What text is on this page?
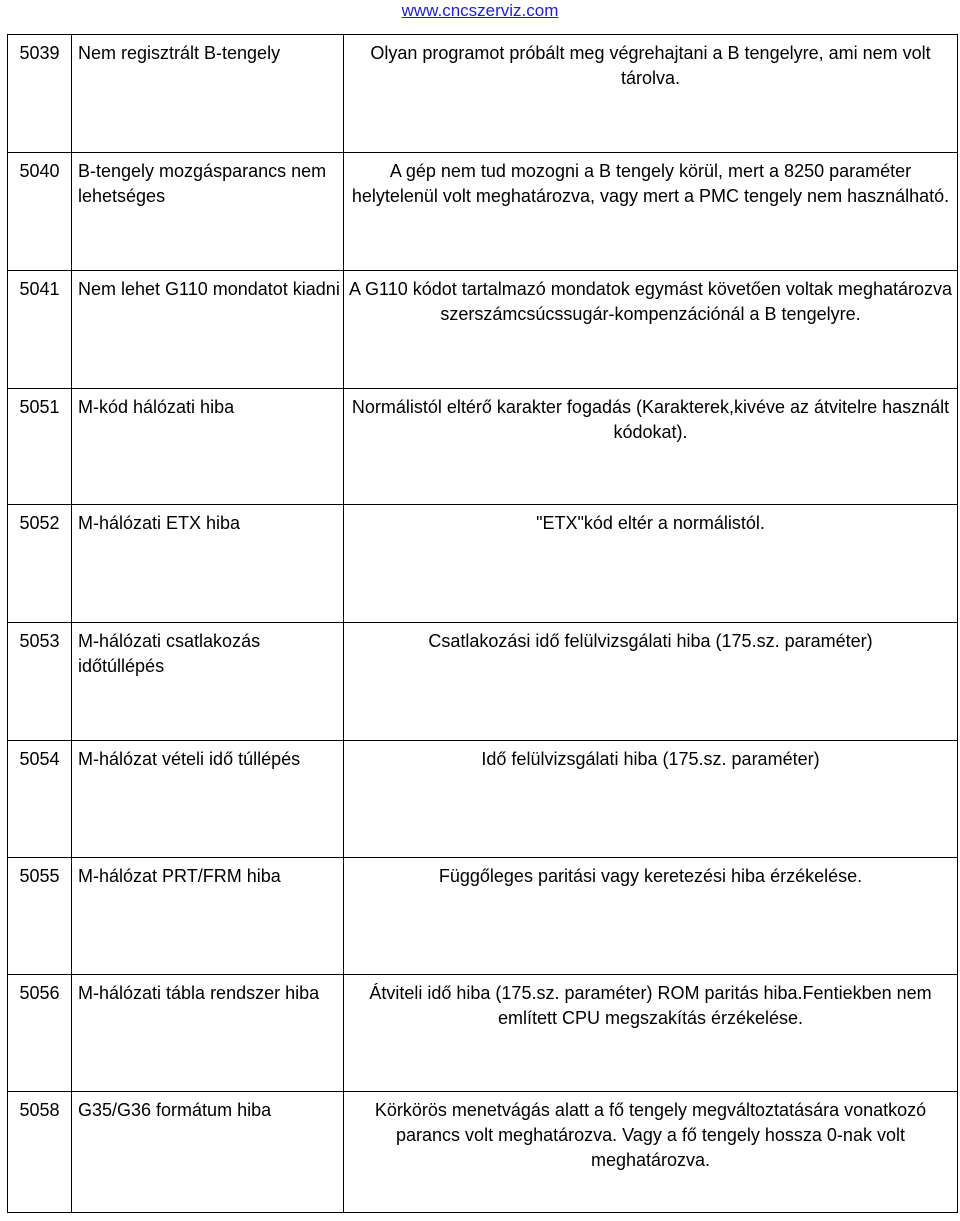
www.cncszerviz.com
5039	Nem regisztrált B-tengely	Olyan programot próbált meg végrehajtani a B tengelyre, ami nem volt tárolva.
5040	B-tengely mozgásparancs nem lehetséges	A gép nem tud mozogni a B tengely körül, mert a 8250 paraméter helytelenül volt meghatározva, vagy mert a PMC tengely nem használható.
5041	Nem lehet G110 mondatot kiadni	A G110 kódot tartalmazó mondatok egymást követően voltak meghatározva szerszámcsúcssugár-kompenzációnál a B tengelyre.
5051	M-kód hálózati hiba	Normálistól eltérő karakter fogadás (Karakterek,kivéve az átvitelre használt kódokat).
5052	M-hálózati ETX hiba	"ETX"kód eltér a normálistól.
5053	M-hálózati csatlakozás időtúllépés	Csatlakozási idő felülvizsgálati hiba (175.sz. paraméter)
5054	M-hálózat vételi idő túllépés	Idő felülvizsgálati hiba (175.sz. paraméter)
5055	M-hálózat PRT/FRM hiba	Függőleges paritási vagy keretezési hiba érzékelése.
5056	M-hálózati tábla rendszer hiba	Átviteli idő hiba (175.sz. paraméter) ROM paritás hiba.Fentiekben nem említett CPU megszakítás érzékelése.
5058	G35/G36 formátum hiba	Körkörös menetvágás alatt a fő tengely megváltoztatására vonatkozó parancs volt meghatározva. Vagy a fő tengely hossza 0-nak volt meghatározva.
